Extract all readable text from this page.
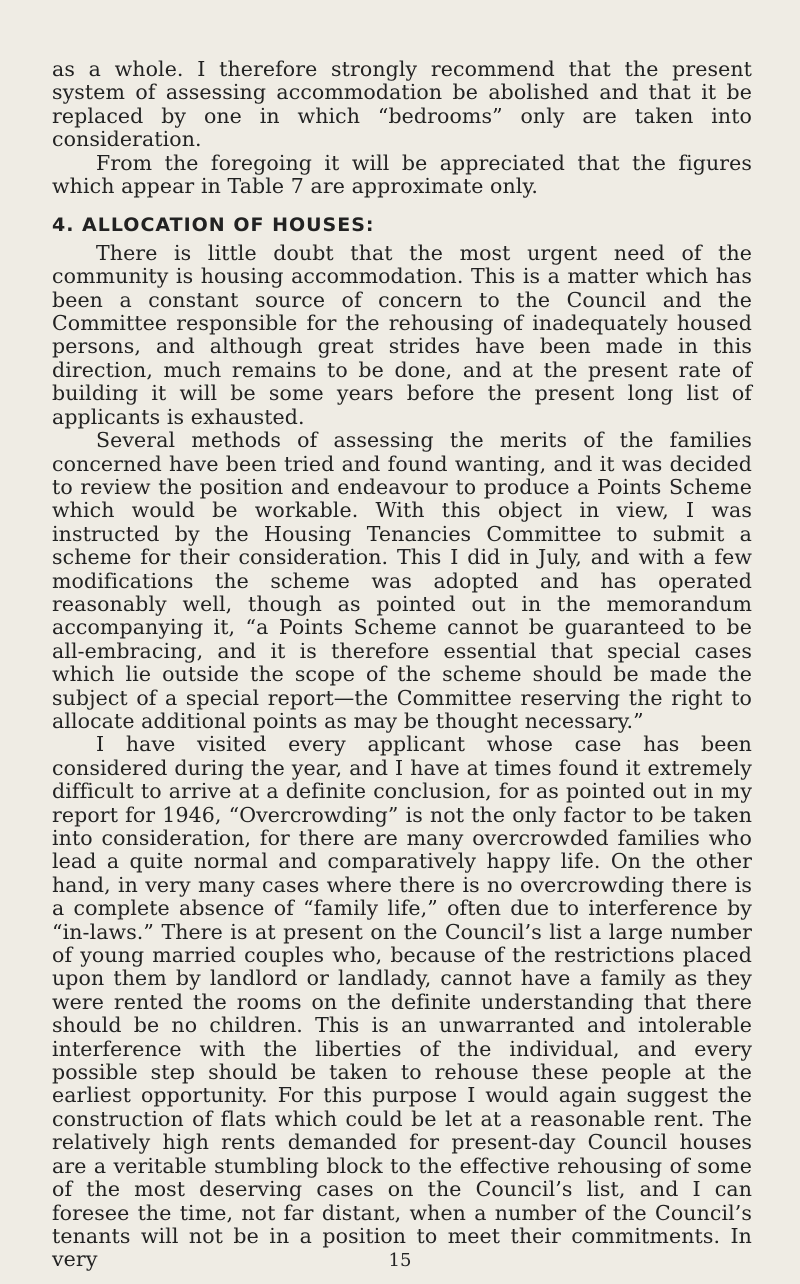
as a whole. I therefore strongly recommend that the present system of assessing accommodation be abolished and that it be replaced by one in which “bedrooms” only are taken into consideration.

From the foregoing it will be appreciated that the figures which appear in Table 7 are approximate only.

4. ALLOCATION OF HOUSES:

There is little doubt that the most urgent need of the community is housing accommodation. This is a matter which has been a constant source of concern to the Council and the Committee responsible for the rehousing of inadequately housed persons, and although great strides have been made in this direction, much remains to be done, and at the present rate of building it will be some years before the present long list of applicants is exhausted.

Several methods of assessing the merits of the families concerned have been tried and found wanting, and it was decided to review the position and endeavour to produce a Points Scheme which would be workable. With this object in view, I was instructed by the Housing Tenancies Committee to submit a scheme for their consideration. This I did in July, and with a few modifications the scheme was adopted and has operated reasonably well, though as pointed out in the memorandum accompanying it, “a Points Scheme cannot be guaranteed to be all-embracing, and it is therefore essential that special cases which lie outside the scope of the scheme should be made the subject of a special report—the Committee reserving the right to allocate additional points as may be thought necessary.”

I have visited every applicant whose case has been considered during the year, and I have at times found it extremely difficult to arrive at a definite conclusion, for as pointed out in my report for 1946, “Overcrowding” is not the only factor to be taken into consideration, for there are many overcrowded families who lead a quite normal and comparatively happy life. On the other hand, in very many cases where there is no overcrowding there is a complete absence of “family life,” often due to interference by “in-laws.” There is at present on the Council’s list a large number of young married couples who, because of the restrictions placed upon them by landlord or landlady, cannot have a family as they were rented the rooms on the definite understanding that there should be no children. This is an unwarranted and intolerable interference with the liberties of the individual, and every possible step should be taken to rehouse these people at the earliest opportunity. For this purpose I would again suggest the construction of flats which could be let at a reasonable rent. The relatively high rents demanded for present-day Council houses are a veritable stumbling block to the effective rehousing of some of the most deserving cases on the Council’s list, and I can foresee the time, not far distant, when a number of the Council’s tenants will not be in a position to meet their commitments. In very	15
